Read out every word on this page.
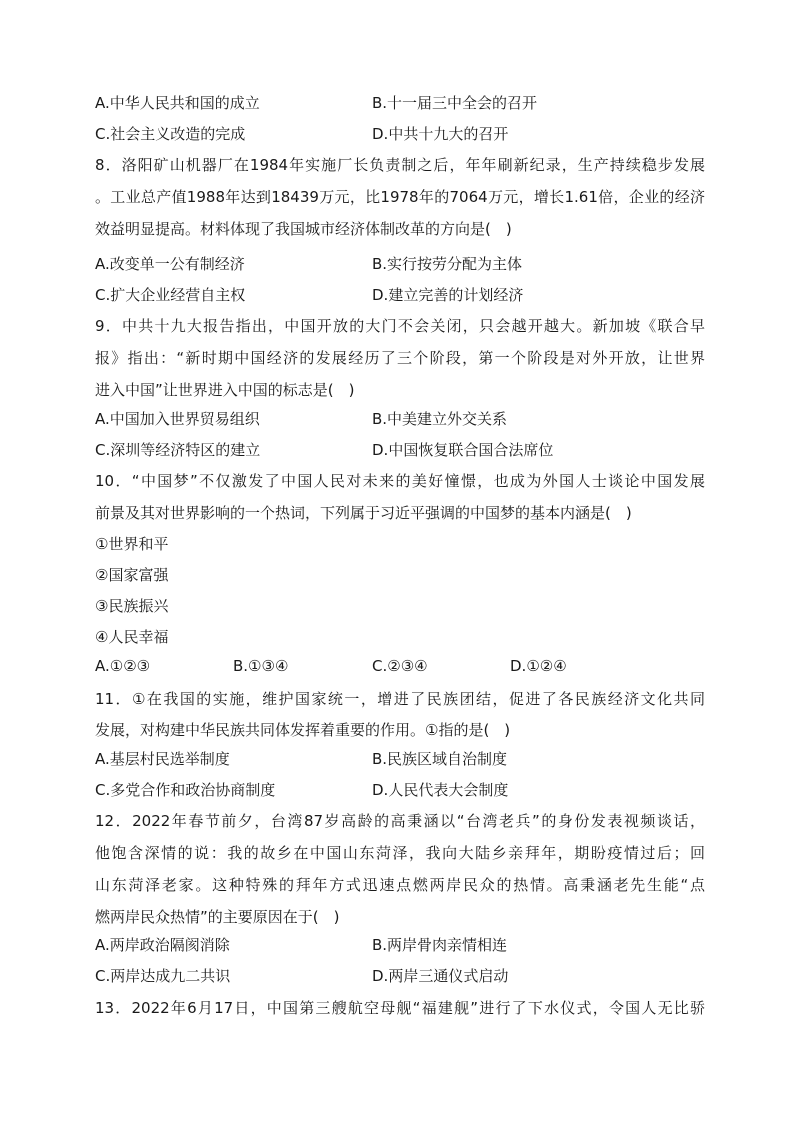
A.中华人民共和国的成立	B.十一届三中全会的召开
C.社会主义改造的完成	D.中共十九大的召开
8．洛阳矿山机器厂在1984年实施厂长负责制之后，年年刷新纪录，生产持续稳步发展
。工业总产值1988年达到18439万元，比1978年的7064万元，增长1.61倍，企业的经济
效益明显提高。材料体现了我国城市经济体制改革的方向是(　)
A.改变单一公有制经济	B.实行按劳分配为主体
C.扩大企业经营自主权	D.建立完善的计划经济
9．中共十九大报告指出，中国开放的大门不会关闭，只会越开越大。新加坡《联合早
报》指出：“新时期中国经济的发展经历了三个阶段，第一个阶段是对外开放，让世界
进入中国”让世界进入中国的标志是(　)
A.中国加入世界贸易组织	B.中美建立外交关系
C.深圳等经济特区的建立	D.中国恢复联合国合法席位
10．“中国梦”不仅激发了中国人民对未来的美好憧憬，也成为外国人士谈论中国发展
前景及其对世界影响的一个热词，下列属于习近平强调的中国梦的基本内涵是(　)
①世界和平
②国家富强
③民族振兴
④人民幸福
A.①②③	B.①③④	C.②③④	D.①②④
11．①在我国的实施，维护国家统一，增进了民族团结，促进了各民族经济文化共同
发展，对构建中华民族共同体发挥着重要的作用。①指的是(　)
A.基层村民选举制度	B.民族区域自治制度
C.多党合作和政治协商制度	D.人民代表大会制度
12．2022年春节前夕，台湾87岁高龄的高秉涵以“台湾老兵”的身份发表视频谈话，
他饱含深情的说：我的故乡在中国山东菏泽，我向大陆乡亲拜年，期盼疫情过后；回
山东菏泽老家。这种特殊的拜年方式迅速点燃两岸民众的热情。高秉涵老先生能“点
燃两岸民众热情”的主要原因在于(　)
A.两岸政治隔阂消除	B.两岸骨肉亲情相连
C.两岸达成九二共识	D.两岸三通仪式启动
13．2022年6月17日，中国第三艘航空母舰“福建舰”进行了下水仪式，令国人无比骄
